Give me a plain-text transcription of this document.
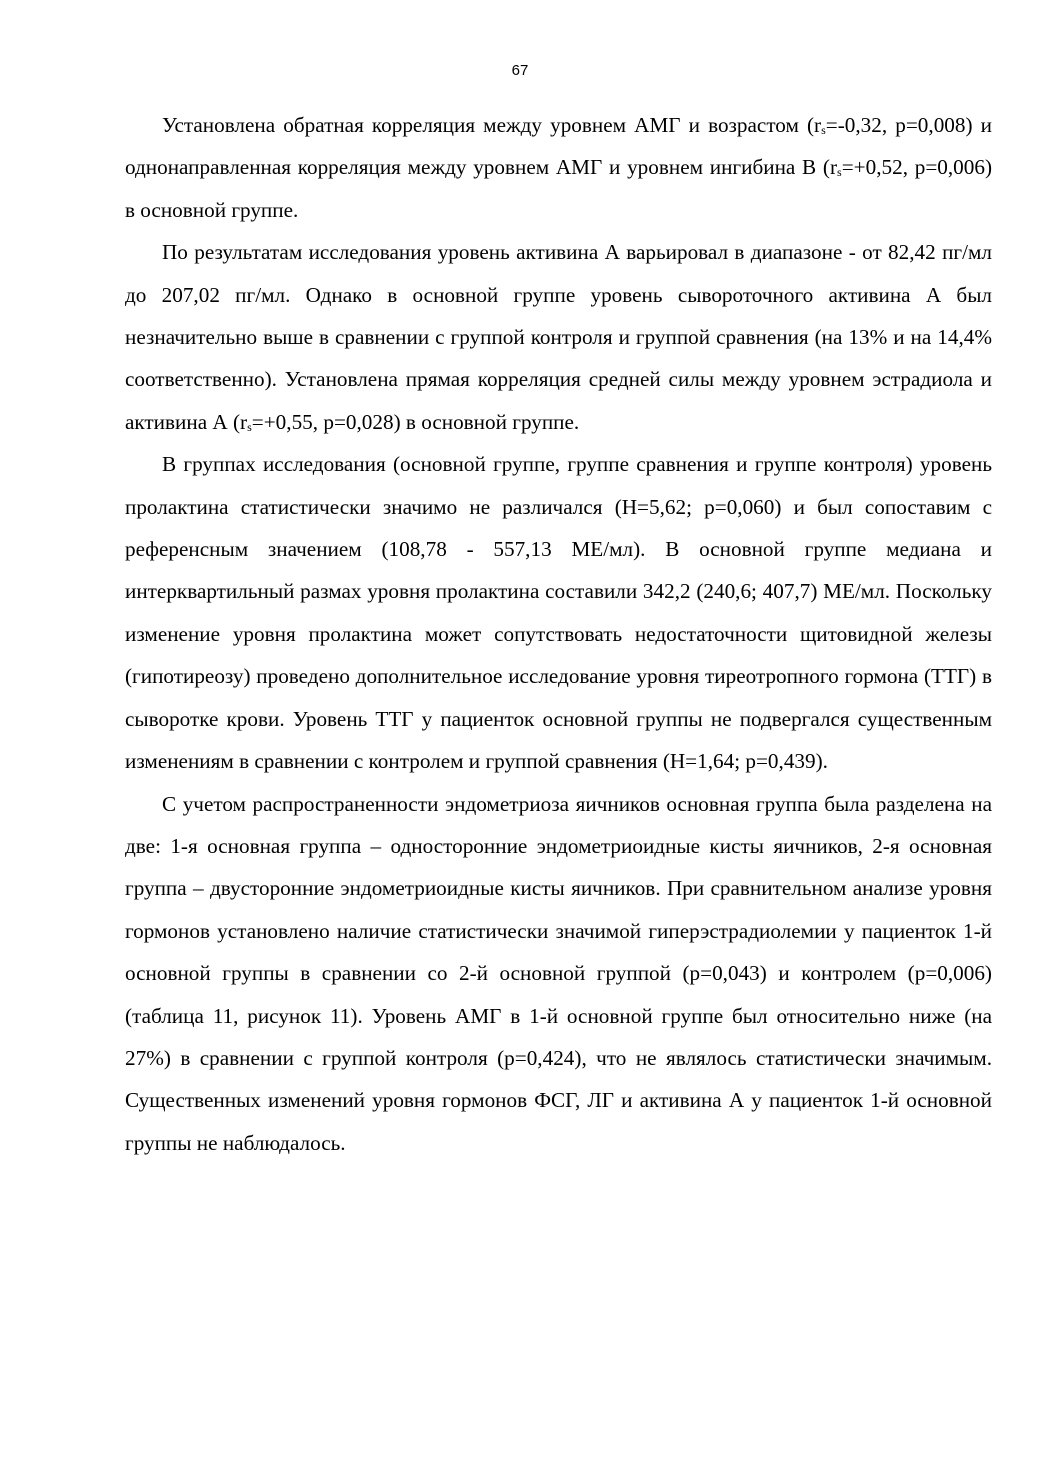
67

Установлена обратная корреляция между уровнем АМГ и возрастом ($r_s=-0,32$, p=0,008) и однонаправленная корреляция между уровнем АМГ и уровнем ингибина В ($r_s=+0,52$, p=0,006) в основной группе.

По результатам исследования уровень активина А варьировал в диапазоне - от 82,42 пг/мл до 207,02 пг/мл. Однако в основной группе уровень сывороточного активина А был незначительно выше в сравнении с группой контроля и группой сравнения (на 13% и на 14,4% соответственно). Установлена прямая корреляция средней силы между уровнем эстрадиола и активина А ($r_s=+0,55$, p=0,028) в основной группе.

В группах исследования (основной группе, группе сравнения и группе контроля) уровень пролактина статистически значимо не различался (H=5,62; p=0,060) и был сопоставим с референсным значением (108,78 - 557,13 МЕ/мл). В основной группе медиана и интерквартильный размах уровня пролактина составили 342,2 (240,6; 407,7) МЕ/мл. Поскольку изменение уровня пролактина может сопутствовать недостаточности щитовидной железы (гипотиреозу) проведено дополнительное исследование уровня тиреотропного гормона (ТТГ) в сыворотке крови. Уровень ТТГ у пациенток основной группы не подвергался существенным изменениям в сравнении с контролем и группой сравнения (H=1,64; p=0,439).

С учетом распространенности эндометриоза яичников основная группа была разделена на две: 1-я основная группа – односторонние эндометриоидные кисты яичников, 2-я основная группа – двусторонние эндометриоидные кисты яичников. При сравнительном анализе уровня гормонов установлено наличие статистически значимой гиперэстрадиолемии у пациенток 1-й основной группы в сравнении со 2-й основной группой (p=0,043) и контролем (p=0,006) (таблица 11, рисунок 11). Уровень АМГ в 1-й основной группе был относительно ниже (на 27%) в сравнении с группой контроля (p=0,424), что не являлось статистически значимым. Существенных изменений уровня гормонов ФСГ, ЛГ и активина А у пациенток 1-й основной группы не наблюдалось.
